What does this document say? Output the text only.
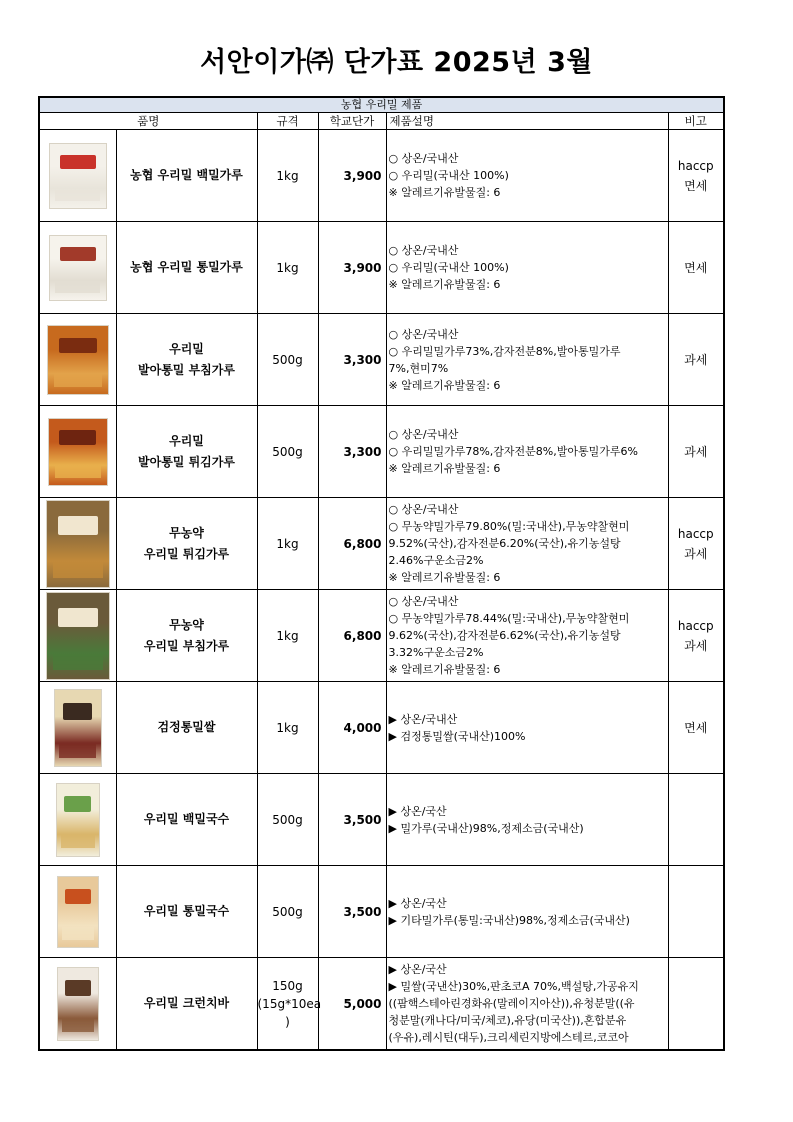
서안이가㈜ 단가표 2025년 3월
농협 우리밀 제품					
품명		규격	학교단가	제품설명	비고

	농협 우리밀 백밀가루	1kg	3,900	○ 상온/국내산
○ 우리밀(국내산 100%)
※ 알레르기유발물질: 6	haccp
면세

	농협 우리밀 통밀가루	1kg	3,900	○ 상온/국내산
○ 우리밀(국내산 100%)
※ 알레르기유발물질: 6	면세

	우리밀
발아통밀 부침가루	500g	3,300	○ 상온/국내산
○ 우리밀밀가루73%,감자전분8%,발아통밀가루
7%,현미7%
※ 알레르기유발물질: 6	과세

	우리밀
발아통밀 튀김가루	500g	3,300	○ 상온/국내산
○ 우리밀밀가루78%,감자전분8%,발아통밀가루6%
※ 알레르기유발물질: 6	과세

	무농약
우리밀 튀김가루	1kg	6,800	○ 상온/국내산
○ 무농약밀가루79.80%(밀:국내산),무농약찰현미
9.52%(국산),감자전분6.20%(국산),유기농설탕
2.46%구운소금2%
※ 알레르기유발물질: 6	haccp
과세

	무농약
우리밀 부침가루	1kg	6,800	○ 상온/국내산
○ 무농약밀가루78.44%(밀:국내산),무농약찰현미
9.62%(국산),감자전분6.62%(국산),유기농설탕
3.32%구운소금2%
※ 알레르기유발물질: 6	haccp
과세

	검정통밀쌀	1kg	4,000	▶ 상온/국내산
▶ 검정통밀쌀(국내산)100%	면세

	우리밀 백밀국수	500g	3,500	▶ 상온/국산
▶ 밀가루(국내산)98%,정제소금(국내산)	

	우리밀 통밀국수	500g	3,500	▶ 상온/국산
▶ 기타밀가루(통밀:국내산)98%,정제소금(국내산)	

	우리밀 크런치바	150g
(15g*10ea
)	5,000	▶ 상온/국산
▶ 밀쌀(국낸산)30%,판초코A 70%,백설탕,가공유지
((팜핵스테아린경화유(말레이지아산)),유청분말((유
청분말(캐나다/미국/체코),유당(미국산)),혼합분유
(우유),레시틴(대두),크리세린지방에스테르,코코아	
